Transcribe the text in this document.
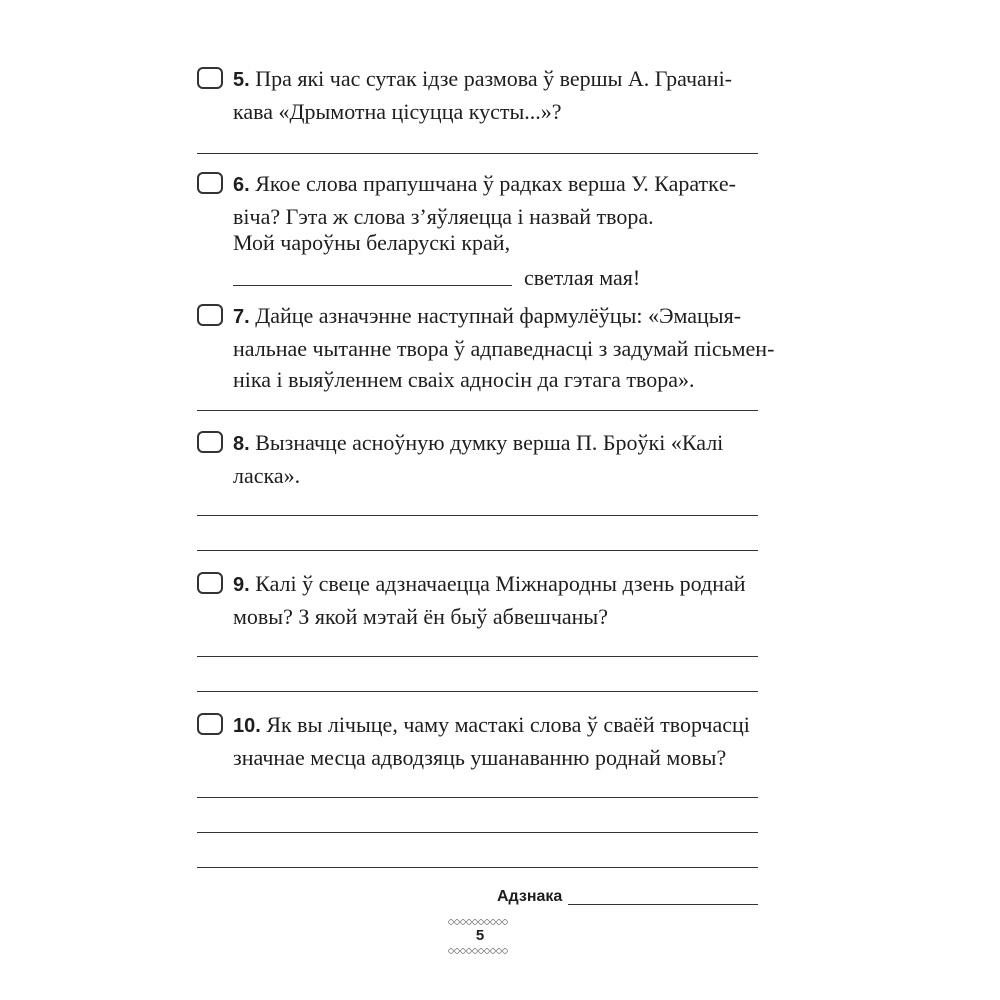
5. Пра які час сутак ідзе размова ў вершы А. Грачані-
кава «Дрымотна цісуцца кусты...»?
6. Якое слова прапушчана ў радках верша У. Караткe-
віча? Гэта ж слова з’яўляецца і назвай твора.
Мой чароўны беларускі край,
светлая мая!
7. Дайце азначэнне наступнай фармулёўцы: «Эмацыя-
нальнае чытанне твора ў адпаведнасці з задумай пісьмен-
ніка і выяўленнем сваіх адносін да гэтага твора».
8. Вызначце асноўную думку верша П. Броўкі «Калі
ласка».
9. Калі ў свеце адзначаецца Міжнародны дзень роднай
мовы? З якой мэтай ён быў абвешчаны?
10. Як вы лічыце, чаму мастакі слова ў сваёй творчасці
значнае месца адводзяць ушанаванню роднай мовы?
Адзнака
5
